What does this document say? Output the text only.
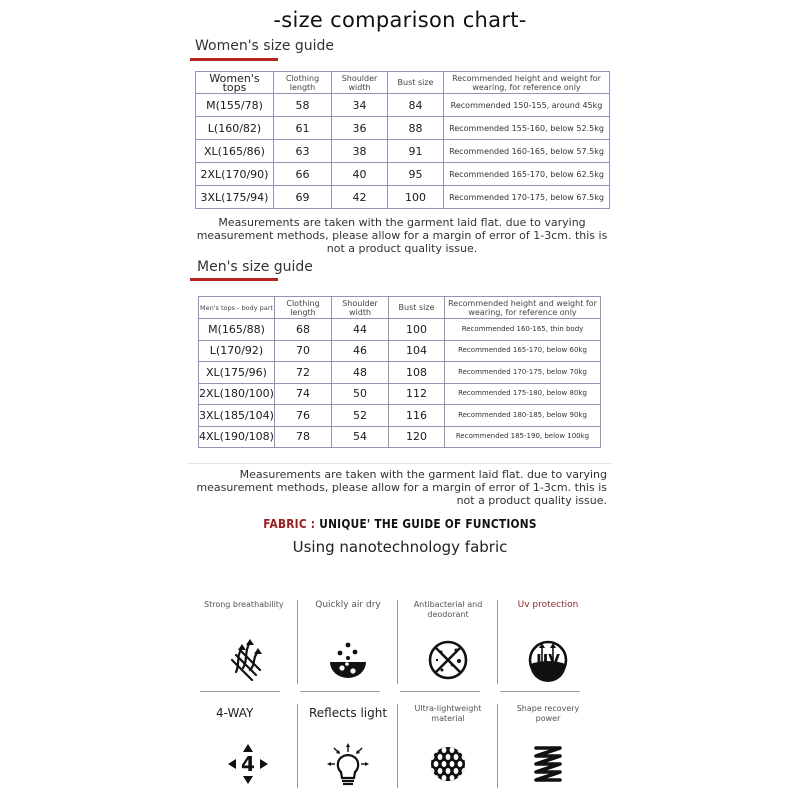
-size comparison chart-
Women's size guide
Women's tops	Clothing length	Shoulder width	Bust size	Recommended height and weight for wearing, for reference only
M(155/78)	58	34	84	Recommended 150-155, around 45kg
L(160/82)	61	36	88	Recommended 155-160, below 52.5kg
XL(165/86)	63	38	91	Recommended 160-165, below 57.5kg
2XL(170/90)	66	40	95	Recommended 165-170, below 62.5kg
3XL(175/94)	69	42	100	Recommended 170-175, below 67.5kg
Measurements are taken with the garment laid flat. due to varying measurement methods, please allow for a margin of error of 1-3cm. this is not a product quality issue.
Men's size guide
Men's tops - body part	Clothing length	Shoulder width	Bust size	Recommended height and weight for wearing, for reference only
M(165/88)	68	44	100	Recommended 160-165, thin body
L(170/92)	70	46	104	Recommended 165-170, below 60kg
XL(175/96)	72	48	108	Recommended 170-175, below 70kg
2XL(180/100)	74	50	112	Recommended 175-180, below 80kg
3XL(185/104)	76	52	116	Recommended 180-185, below 90kg
4XL(190/108)	78	54	120	Recommended 185-190, below 100kg
Measurements are taken with the garment laid flat. due to varying measurement methods, please allow for a margin of error of 1-3cm. this is not a product quality issue.
FABRIC : UNIQUE' THE GUIDE OF FUNCTIONS
Using nanotechnology fabric
Strong breathability	Quickly air dry	Antibacterial and deodorant
Uv protection
UV
4-WAY
4
Reflects light	Ultra-lightweight material
Shape recovery power
